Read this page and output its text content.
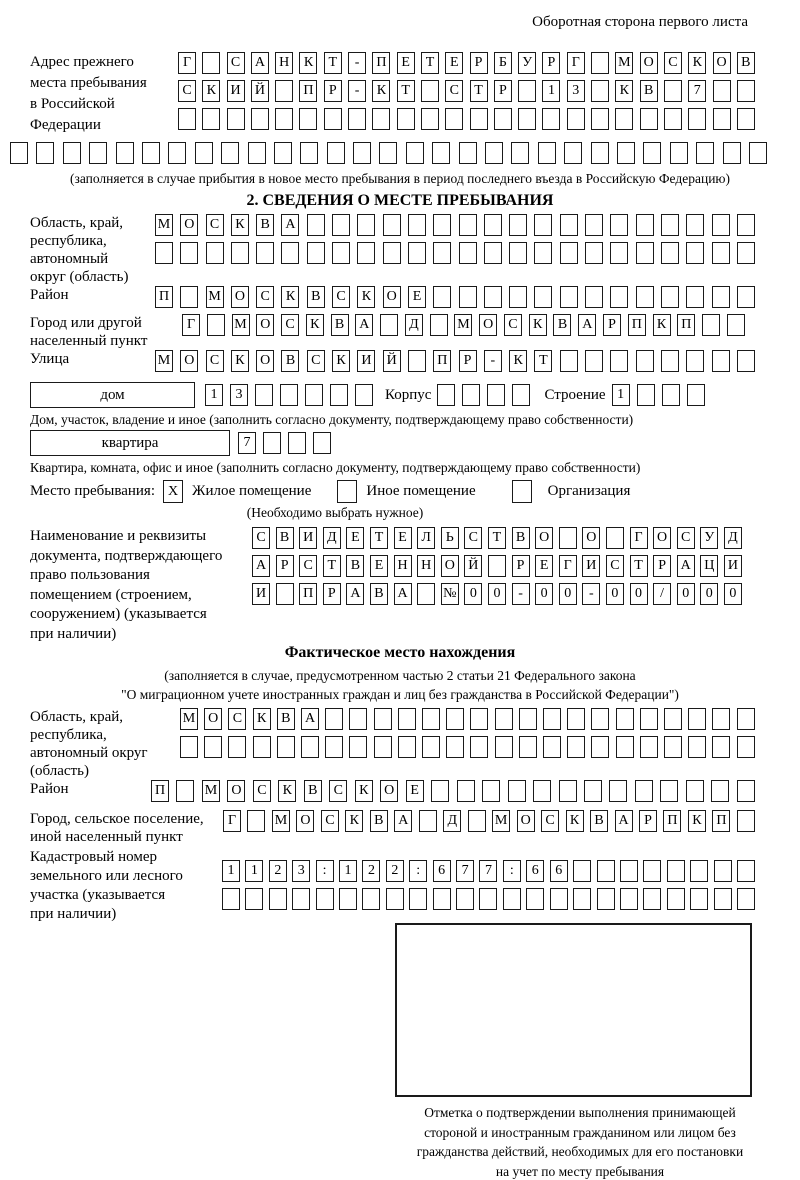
Оборотная сторона первого листа
Адрес прежнего
места пребывания
в Российской
Федерации
Г	С	А Н	К	Т	-	П	Е	Т	Е	Р	Б	У	Р	Г	М О	С	К	О	В
С	К	И Й	П	Р	-	К	Т	С	Т	Р	1	3	К	В	7
(заполняется в случае прибытия в новое место пребывания в период последнего въезда в Российскую Федерацию)
2. СВЕДЕНИЯ О МЕСТЕ ПРЕБЫВАНИЯ
Область, край,
республика,
автономный
округ (область)
М О	С	К	В	А
Район	П	М О	С	К	В	С	К	О	Е
Город или другой
населенный пункт
Г	М О	С	К	В	А	Д	М О	С	К	В	А	Р	П	К	П
Улица	М О	С	К	О	В	С	К	И Й	П	Р	-	К	Т
дом	1	3	Корпус	Строение 1
Дом, участок, владение и иное (заполнить согласно документу, подтверждающему право собственности)
квартира	7
Квартира, комната, офис и иное (заполнить согласно документу, подтверждающему право собственности)
Место пребывания: X Жилое помещение	Иное помещение	Организация
(Необходимо выбрать нужное)
Наименование и реквизиты
документа, подтверждающего
право пользования
помещением (строением,
сооружением) (указывается
при наличии)
С	В И Д	Е	Т	Е	Л	Ь	С	Т	В О	О	Г	О С У Д
А	Р	С	Т	В	Е	Н Н О Й	Р	Е	Г	И С	Т	Р	А Ц И
И	П	Р	А В А	№ 0	0	-	0	0	-	0	0	/	0	0	0
Фактическое место нахождения
(заполняется в случае, предусмотренном частью 2 статьи 21 Федерального закона
"О миграционном учете иностранных граждан и лиц без гражданства в Российской Федерации")
Область, край,
республика,
автономный округ
(область)
М О	С	К	В	А
Район	П	М О	С	К	В	С	К	О	Е
Город, сельское поселение,
иной населенный пункт
Г	М О	С	К	В	А	Д	М О	С	К	В	А	Р	П	К	П
Кадастровый номер
земельного или лесного
участка (указывается
при наличии)
1	1	2	3	:	1	2	2	:	6	7	7	:	6	6
Отметка о подтверждении выполнения принимающей
стороной и иностранным гражданином или лицом без
гражданства действий, необходимых для его постановки
на учет по месту пребывания
